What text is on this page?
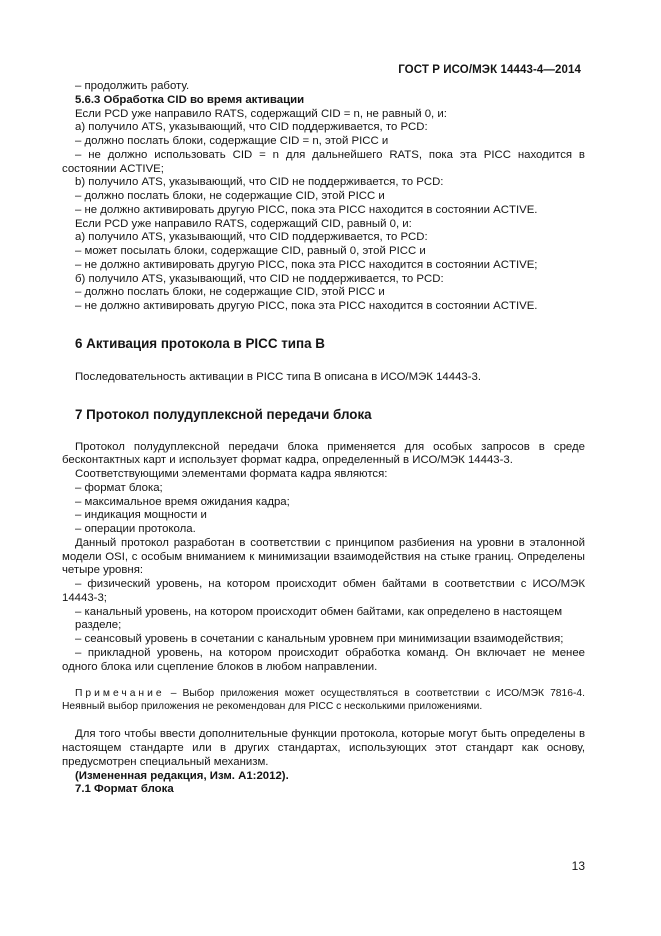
ГОСТ Р ИСО/МЭК 14443-4—2014

– продолжить работу.

5.6.3 Обработка CID во время активации

Если PCD уже направило RATS, содержащий CID = n, не равный 0, и:

а) получило ATS, указывающий, что CID поддерживается, то PCD:

– должно послать блоки, содержащие CID = n, этой PICC и

– не должно использовать CID = n для дальнейшего RATS, пока эта PICC находится в состоянии ACTIVE;

b) получило ATS, указывающий, что CID не поддерживается, то PCD:

– должно послать блоки, не содержащие CID, этой PICC и

– не должно активировать другую PICC, пока эта PICC находится в состоянии ACTIVE.

Если PCD уже направило RATS, содержащий CID, равный 0, и:

а) получило ATS, указывающий, что CID поддерживается, то PCD:

– может посылать блоки, содержащие CID, равный 0, этой PICC и

– не должно активировать другую PICC, пока эта PICC находится в состоянии ACTIVE;

б) получило ATS, указывающий, что CID не поддерживается, то PCD:

– должно послать блоки, не содержащие CID, этой PICC и

– не должно активировать другую PICC, пока эта PICC находится в состоянии ACTIVE.

6 Активация протокола в PICC типа В

Последовательность активации в PICC типа В описана в ИСО/МЭК 14443-3.

7 Протокол полудуплексной передачи блока

Протокол полудуплексной передачи блока применяется для особых запросов в среде бесконтактных карт и использует формат кадра, определенный в ИСО/МЭК 14443-3.

Соответствующими элементами формата кадра являются:

– формат блока;

– максимальное время ожидания кадра;

– индикация мощности и

– операции протокола.

Данный протокол разработан в соответствии с принципом разбиения на уровни в эталонной модели OSI, с особым вниманием к минимизации взаимодействия на стыке границ. Определены четыре уровня:

– физический уровень, на котором происходит обмен байтами в соответствии с ИСО/МЭК 14443-3;

– канальный уровень, на котором происходит обмен байтами, как определено в настоящем разделе;

– сеансовый уровень в сочетании с канальным уровнем при минимизации взаимодействия;

– прикладной уровень, на котором происходит обработка команд. Он включает не менее одного блока или сцепление блоков в любом направлении.

Примечание – Выбор приложения может осуществляться в соответствии с ИСО/МЭК 7816-4. Неявный выбор приложения не рекомендован для PICC с несколькими приложениями.

Для того чтобы ввести дополнительные функции протокола, которые могут быть определены в настоящем стандарте или в других стандартах, использующих этот стандарт как основу, предусмотрен специальный механизм.

(Измененная редакция, Изм. А1:2012).

7.1 Формат блока

13
